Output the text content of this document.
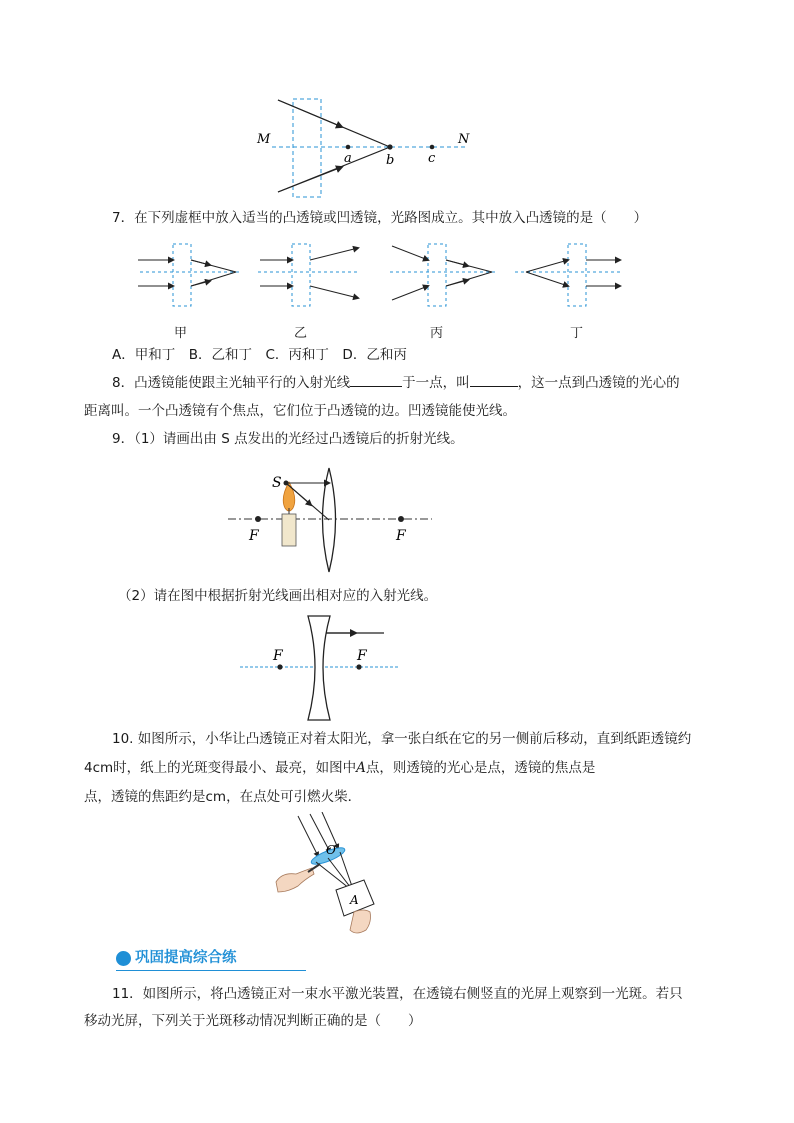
M
a	b	c
N
7．在下列虚框中放入适当的凸透镜或凹透镜，光路图成立。其中放入凸透镜的是（　　）
甲	乙	丙	丁
A．甲和丁　B．乙和丁　C．丙和丁　D．乙和丙
8．凸透镜能使跟主光轴平行的入射光线	于一点，叫	，这一点到凸透镜的光心的
距离叫。一个凸透镜有个焦点，它们位于凸透镜的边。凹透镜能使光线。
9．（1）请画出由 S 点发出的光经过凸透镜后的折射光线。
S
F	F
（2）请在图中根据折射光线画出相对应的入射光线。
F	F
10. 如图所示，小华让凸透镜正对着太阳光，拿一张白纸在它的另一侧前后移动，直到纸距透镜约
4cm时，纸上的光斑变得最小、最亮，如图中A点，则透镜的光心是点，透镜的焦点是
点，透镜的焦距约是cm，在点处可引燃火柴．
O
A
巩固提高综合练
11．如图所示，将凸透镜正对一束水平激光装置，在透镜右侧竖直的光屏上观察到一光斑。若只
移动光屏，下列关于光斑移动情况判断正确的是（　　）
